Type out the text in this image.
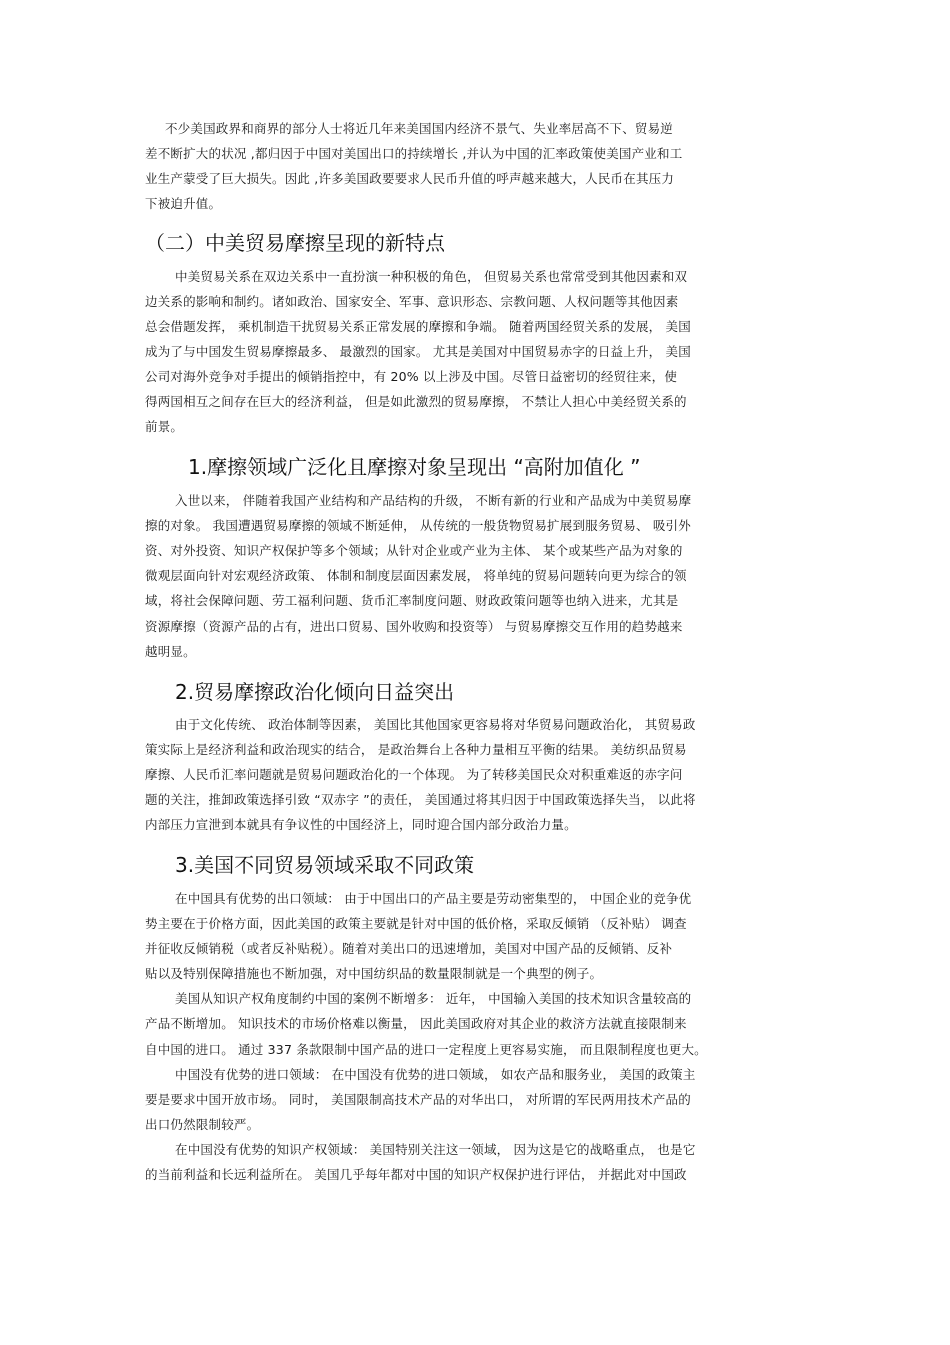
不少美国政界和商界的部分人士将近几年来美国国内经济不景气、失业率居高不下、贸易逆
差不断扩大的状况 ,都归因于中国对美国出口的持续增长 ,并认为中国的汇率政策使美国产业和工
业生产蒙受了巨大损失。因此 ,许多美国政要要求人民币升值的呼声越来越大，人民币在其压力
下被迫升值。
（二）中美贸易摩擦呈现的新特点
中美贸易关系在双边关系中一直扮演一种积极的角色， 但贸易关系也常常受到其他因素和双
边关系的影响和制约。诸如政治、国家安全、军事、意识形态、宗教问题、人权问题等其他因素
总会借题发挥， 乘机制造干扰贸易关系正常发展的摩擦和争端。 随着两国经贸关系的发展， 美国
成为了与中国发生贸易摩擦最多、 最激烈的国家。 尤其是美国对中国贸易赤字的日益上升， 美国
公司对海外竞争对手提出的倾销指控中，有 20% 以上涉及中国。尽管日益密切的经贸往来，使
得两国相互之间存在巨大的经济利益， 但是如此激烈的贸易摩擦， 不禁让人担心中美经贸关系的
前景。
1.摩擦领域广泛化且摩擦对象呈现出 “高附加值化 ”
入世以来， 伴随着我国产业结构和产品结构的升级， 不断有新的行业和产品成为中美贸易摩
擦的对象。 我国遭遇贸易摩擦的领域不断延伸， 从传统的一般货物贸易扩展到服务贸易、 吸引外
资、对外投资、知识产权保护等多个领域；从针对企业或产业为主体、 某个或某些产品为对象的
微观层面向针对宏观经济政策、 体制和制度层面因素发展， 将单纯的贸易问题转向更为综合的领
域，将社会保障问题、劳工福利问题、货币汇率制度问题、财政政策问题等也纳入进来，尤其是
资源摩擦（资源产品的占有，进出口贸易、国外收购和投资等） 与贸易摩擦交互作用的趋势越来
越明显。
2.贸易摩擦政治化倾向日益突出
由于文化传统、 政治体制等因素， 美国比其他国家更容易将对华贸易问题政治化， 其贸易政
策实际上是经济利益和政治现实的结合， 是政治舞台上各种力量相互平衡的结果。 美纺织品贸易
摩擦、人民币汇率问题就是贸易问题政治化的一个体现。 为了转移美国民众对积重难返的赤字问
题的关注，推卸政策选择引致 “双赤字 ”的责任， 美国通过将其归因于中国政策选择失当， 以此将
内部压力宣泄到本就具有争议性的中国经济上，同时迎合国内部分政治力量。
3.美国不同贸易领域采取不同政策
在中国具有优势的出口领域： 由于中国出口的产品主要是劳动密集型的， 中国企业的竞争优
势主要在于价格方面，因此美国的政策主要就是针对中国的低价格，采取反倾销 （反补贴） 调查
并征收反倾销税（或者反补贴税）。随着对美出口的迅速增加，美国对中国产品的反倾销、反补
贴以及特别保障措施也不断加强，对中国纺织品的数量限制就是一个典型的例子。
美国从知识产权角度制约中国的案例不断增多： 近年， 中国输入美国的技术知识含量较高的
产品不断增加。 知识技术的市场价格难以衡量， 因此美国政府对其企业的救济方法就直接限制来
自中国的进口。 通过 337 条款限制中国产品的进口一定程度上更容易实施， 而且限制程度也更大。
中国没有优势的进口领域： 在中国没有优势的进口领域， 如农产品和服务业， 美国的政策主
要是要求中国开放市场。 同时， 美国限制高技术产品的对华出口， 对所谓的军民两用技术产品的
出口仍然限制较严。
在中国没有优势的知识产权领域： 美国特别关注这一领域， 因为这是它的战略重点， 也是它
的当前利益和长远利益所在。 美国几乎每年都对中国的知识产权保护进行评估， 并据此对中国政
